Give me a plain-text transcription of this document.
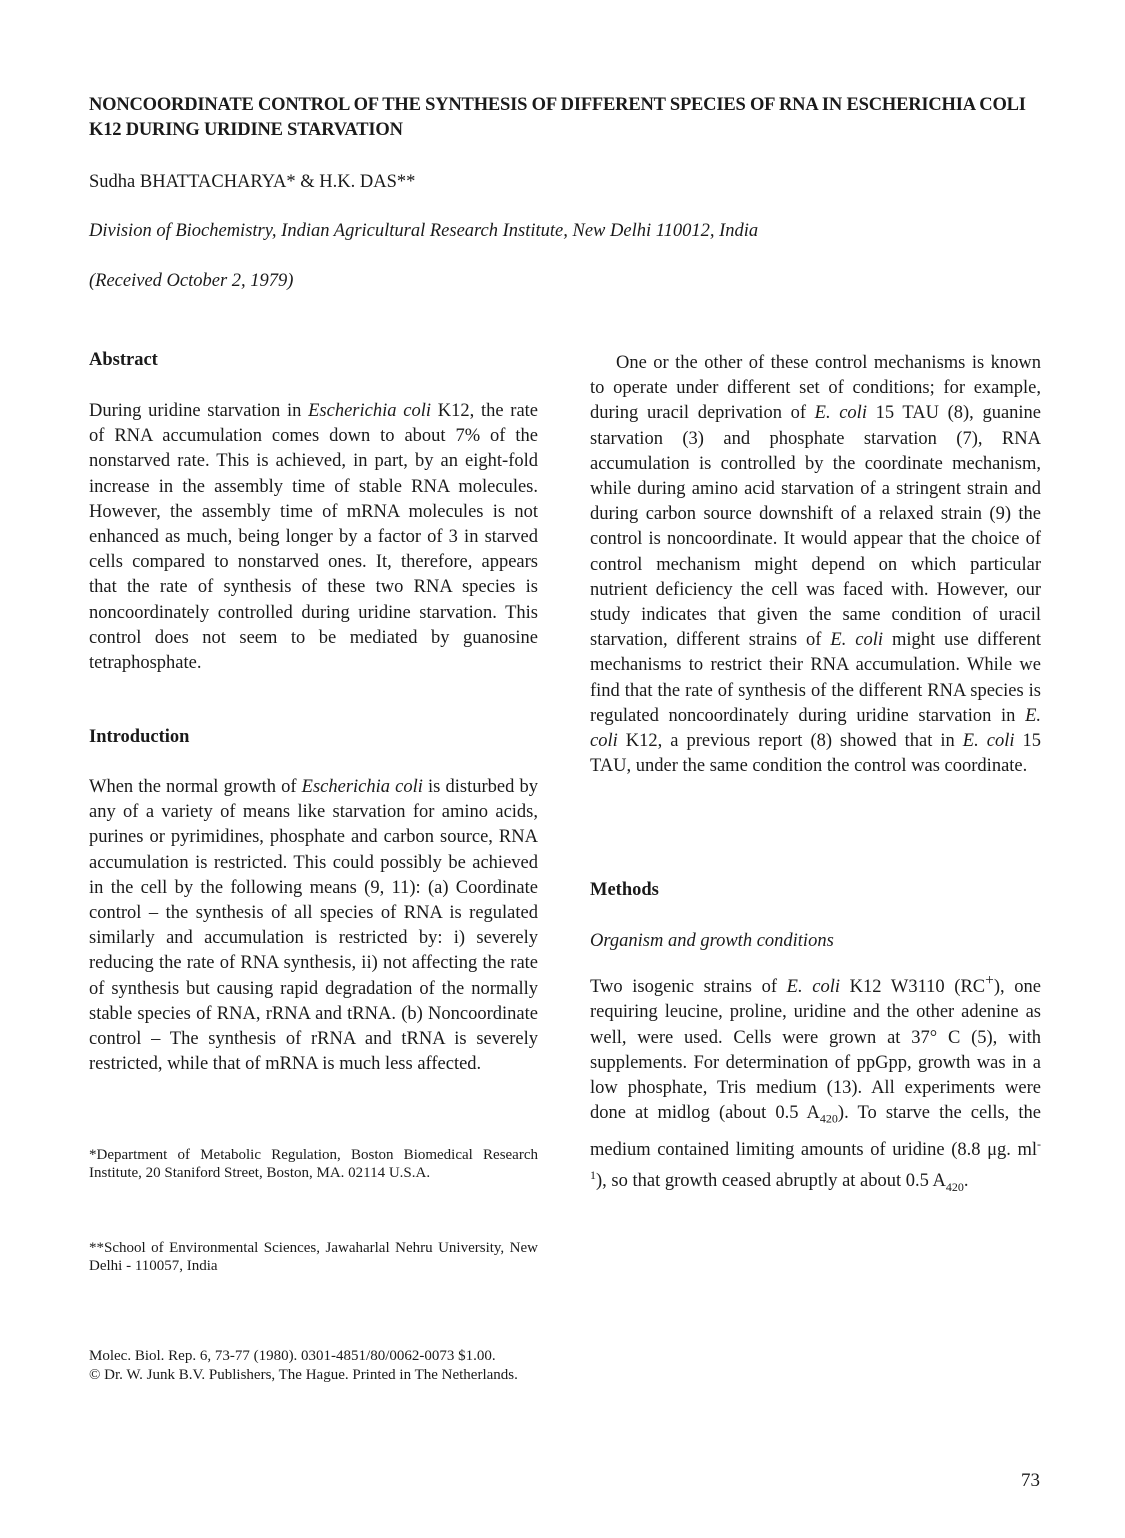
NONCOORDINATE CONTROL OF THE SYNTHESIS OF DIFFERENT SPECIES OF RNA IN ESCHERICHIA COLI K12 DURING URIDINE STARVATION
Sudha BHATTACHARYA* & H.K. DAS**
Division of Biochemistry, Indian Agricultural Research Institute, New Delhi 110012, India
(Received October 2, 1979)
Abstract
During uridine starvation in Escherichia coli K12, the rate of RNA accumulation comes down to about 7% of the nonstarved rate. This is achieved, in part, by an eight-fold increase in the assembly time of stable RNA molecules. However, the assembly time of mRNA molecules is not enhanced as much, being longer by a factor of 3 in starved cells compared to nonstarved ones. It, therefore, appears that the rate of synthesis of these two RNA species is noncoordinately controlled during uridine starvation. This control does not seem to be mediated by guanosine tetraphosphate.
Introduction
When the normal growth of Escherichia coli is disturbed by any of a variety of means like starvation for amino acids, purines or pyrimidines, phosphate and carbon source, RNA accumulation is restricted. This could possibly be achieved in the cell by the following means (9, 11): (a) Coordinate control – the synthesis of all species of RNA is regulated similarly and accumulation is restricted by: i) severely reducing the rate of RNA synthesis, ii) not affecting the rate of synthesis but causing rapid degradation of the normally stable species of RNA, rRNA and tRNA. (b) Noncoordinate control – The synthesis of rRNA and tRNA is severely restricted, while that of mRNA is much less affected.
One or the other of these control mechanisms is known to operate under different set of conditions; for example, during uracil deprivation of E. coli 15 TAU (8), guanine starvation (3) and phosphate starvation (7), RNA accumulation is controlled by the coordinate mechanism, while during amino acid starvation of a stringent strain and during carbon source downshift of a relaxed strain (9) the control is noncoordinate. It would appear that the choice of control mechanism might depend on which particular nutrient deficiency the cell was faced with. However, our study indicates that given the same condition of uracil starvation, different strains of E. coli might use different mechanisms to restrict their RNA accumulation. While we find that the rate of synthesis of the different RNA species is regulated noncoordinately during uridine starvation in E. coli K12, a previous report (8) showed that in E. coli 15 TAU, under the same condition the control was coordinate.
Methods
Organism and growth conditions
Two isogenic strains of E. coli K12 W3110 (RC+), one requiring leucine, proline, uridine and the other adenine as well, were used. Cells were grown at 37° C (5), with supplements. For determination of ppGpp, growth was in a low phosphate, Tris medium (13). All experiments were done at midlog (about 0.5 $A_{420}$). To starve the cells, the medium contained limiting amounts of uridine (8.8 μg. $ml^{-1}$), so that growth ceased abruptly at about 0.5 $A_{420}$.
*Department of Metabolic Regulation, Boston Biomedical Research Institute, 20 Staniford Street, Boston, MA. 02114 U.S.A.
**School of Environmental Sciences, Jawaharlal Nehru University, New Delhi - 110057, India
Molec. Biol. Rep. 6, 73-77 (1980). 0301-4851/80/0062-0073 $1.00.
© Dr. W. Junk B.V. Publishers, The Hague. Printed in The Netherlands.
73
